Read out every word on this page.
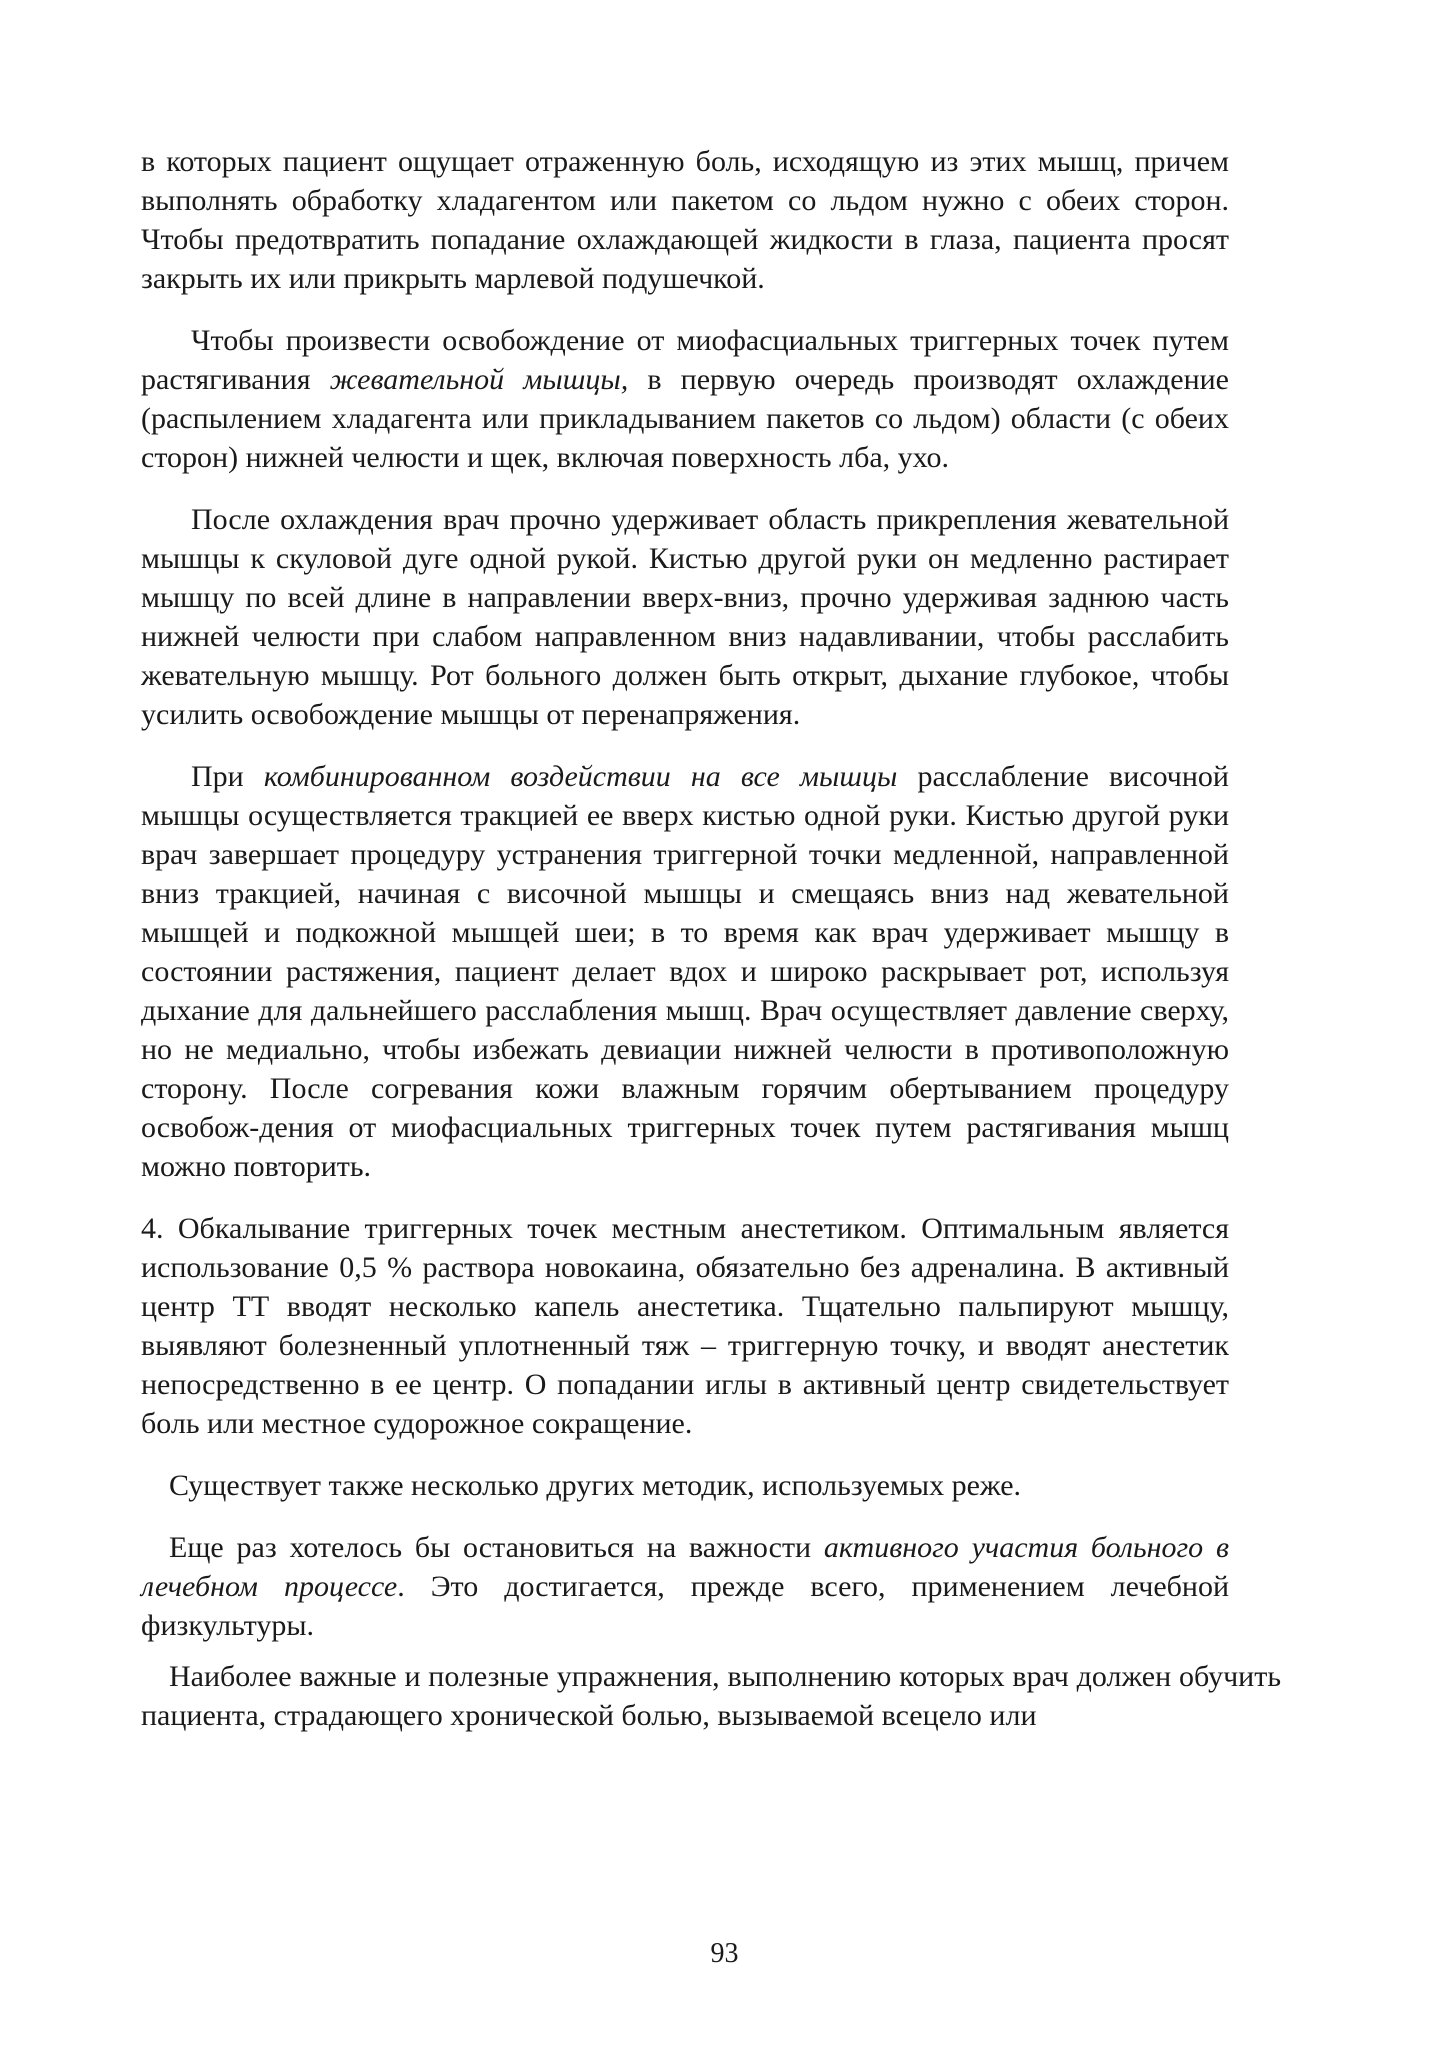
в которых пациент ощущает отраженную боль, исходящую из этих мышц, причем выполнять обработку хладагентом или пакетом со льдом нужно с обеих сторон. Чтобы предотвратить попадание охлаждающей жидкости в глаза, пациента просят закрыть их или прикрыть марлевой подушечкой.

Чтобы произвести освобождение от миофасциальных триггерных точек путем растягивания жевательной мышцы, в первую очередь производят охлаждение (распылением хладагента или прикладыванием пакетов со льдом) области (с обеих сторон) нижней челюсти и щек, включая поверхность лба, ухо.

После охлаждения врач прочно удерживает область прикрепления жевательной мышцы к скуловой дуге одной рукой. Кистью другой руки он медленно растирает мышцу по всей длине в направлении вверх-вниз, прочно удерживая заднюю часть нижней челюсти при слабом направленном вниз надавливании, чтобы расслабить жевательную мышцу. Рот больного должен быть открыт, дыхание глубокое, чтобы усилить освобождение мышцы от перенапряжения.

При комбинированном воздействии на все мышцы расслабление височной мышцы осуществляется тракцией ее вверх кистью одной руки. Кистью другой руки врач завершает процедуру устранения триггерной точки медленной, направленной вниз тракцией, начиная с височной мышцы и смещаясь вниз над жевательной мышцей и подкожной мышцей шеи; в то время как врач удерживает мышцу в состоянии растяжения, пациент делает вдох и широко раскрывает рот, используя дыхание для дальнейшего расслабления мышц. Врач осуществляет давление сверху, но не медиально, чтобы избежать девиации нижней челюсти в противоположную сторону. После согревания кожи влажным горячим обертыванием процедуру освобож-дения от миофасциальных триггерных точек путем растягивания мышц можно повторить.

4. Обкалывание триггерных точек местным анестетиком. Оптимальным является использование 0,5 % раствора новокаина, обязательно без адреналина. В активный центр ТТ вводят несколько капель анестетика. Тщательно пальпируют мышцу, выявляют болезненный уплотненный тяж – триггерную точку, и вводят анестетик непосредственно в ее центр. О попадании иглы в активный центр свидетельствует боль или местное судорожное сокращение.

Существует также несколько других методик, используемых реже.

Еще раз хотелось бы остановиться на важности активного участия больного в лечебном процессе. Это достигается, прежде всего, применением лечебной физкультуры.

Наиболее важные и полезные упражнения, выполнению которых врач должен обучить пациента, страдающего хронической болью, вызываемой всецело или

93
